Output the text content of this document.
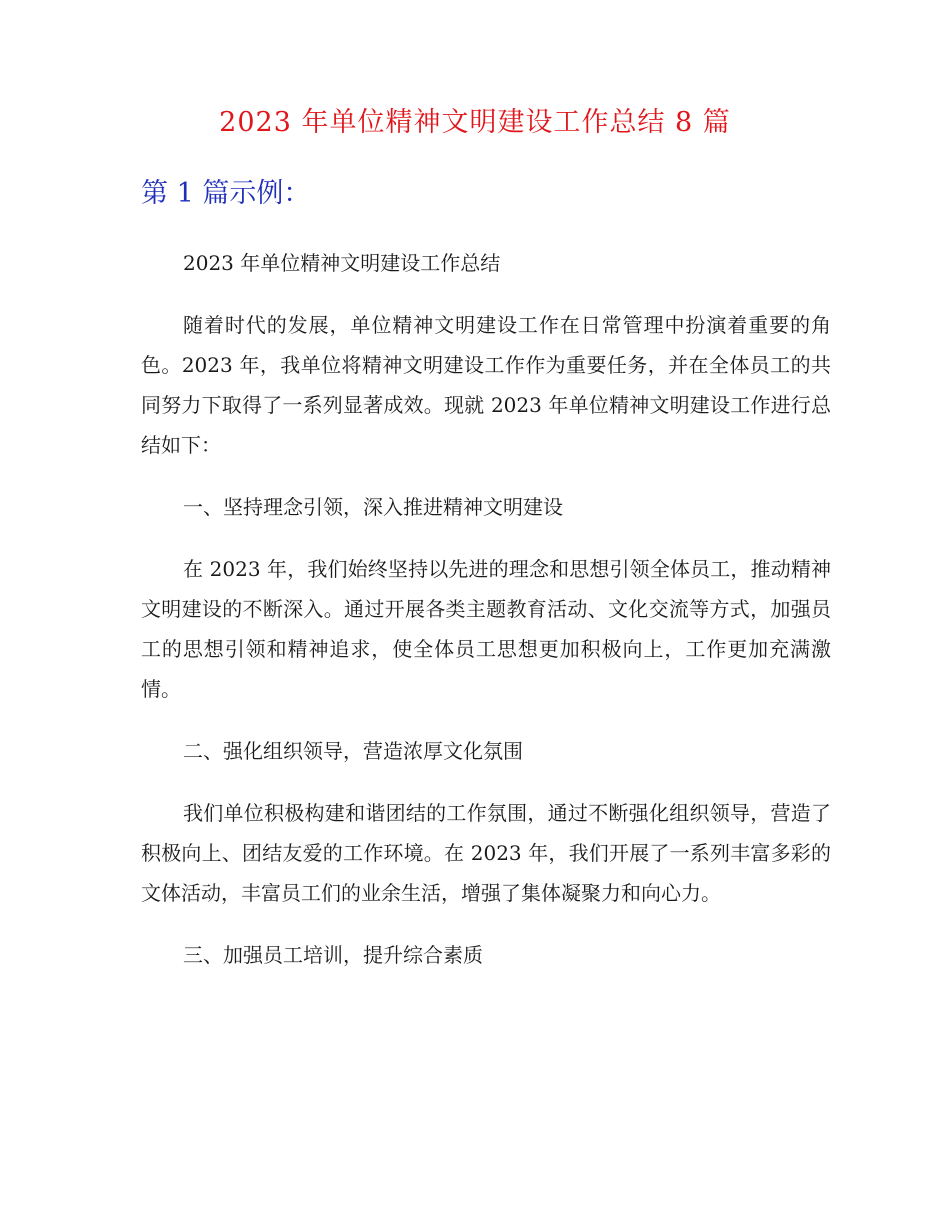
2023 年单位精神文明建设工作总结 8 篇
第 1 篇示例：

2023 年单位精神文明建设工作总结

随着时代的发展，单位精神文明建设工作在日常管理中扮演着重要的角色。2023 年，我单位将精神文明建设工作作为重要任务，并在全体员工的共同努力下取得了一系列显著成效。现就 2023 年单位精神文明建设工作进行总结如下：

一、坚持理念引领，深入推进精神文明建设

在 2023 年，我们始终坚持以先进的理念和思想引领全体员工，推动精神文明建设的不断深入。通过开展各类主题教育活动、文化交流等方式，加强员工的思想引领和精神追求，使全体员工思想更加积极向上，工作更加充满激情。

二、强化组织领导，营造浓厚文化氛围

我们单位积极构建和谐团结的工作氛围，通过不断强化组织领导，营造了积极向上、团结友爱的工作环境。在 2023 年，我们开展了一系列丰富多彩的文体活动，丰富员工们的业余生活，增强了集体凝聚力和向心力。

三、加强员工培训，提升综合素质
